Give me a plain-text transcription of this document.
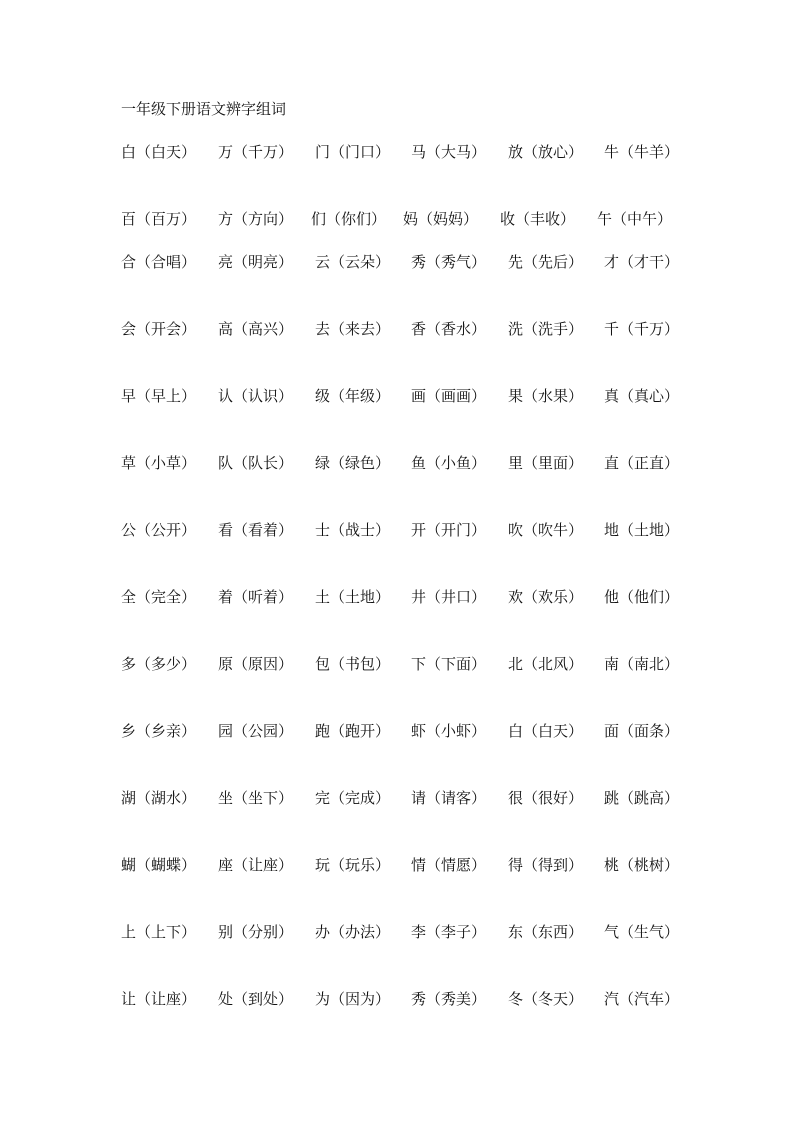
一年级下册语文辨字组词
白（白天） 万（千万） 门（门口） 马（大马） 放（放心） 牛（牛羊）
百（百万） 方（方向） 们（你们） 妈（妈妈） 收（丰收） 午（中午）
合（合唱） 亮（明亮） 云（云朵） 秀（秀气） 先（先后） 才（才干）
会（开会） 高（高兴） 去（来去） 香（香水） 洗（洗手） 千（千万）
早（早上） 认（认识） 级（年级） 画（画画） 果（水果） 真（真心）
草（小草） 队（队长） 绿（绿色） 鱼（小鱼） 里（里面） 直（正直）
公（公开） 看（看着） 士（战士） 开（开门） 吹（吹牛） 地（土地）
全（完全） 着（听着） 土（土地） 井（井口） 欢（欢乐） 他（他们）
多（多少） 原（原因） 包（书包） 下（下面） 北（北风） 南（南北）
乡（乡亲） 园（公园） 跑（跑开） 虾（小虾） 白（白天） 面（面条）
湖（湖水） 坐（坐下） 完（完成） 请（请客） 很（很好） 跳（跳高）
蝴（蝴蝶） 座（让座） 玩（玩乐） 情（情愿） 得（得到） 桃（桃树）
上（上下） 别（分别） 办（办法） 李（李子） 东（东西） 气（生气）
让（让座） 处（到处） 为（因为） 秀（秀美） 冬（冬天） 汽（汽车）
